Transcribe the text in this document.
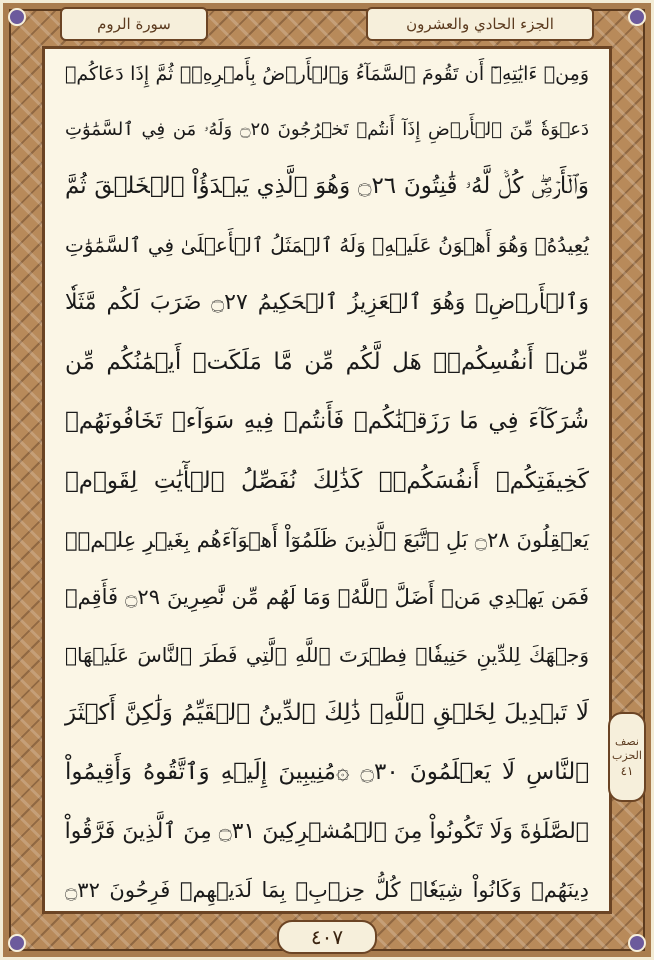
الجزء الحادي والعشرون
سورة الروم
وَمِنۡ ءَايَٰتِهِۦٓ أَن تَقُومَ ٱلسَّمَآءُ وَٱلۡأَرۡضُ بِأَمۡرِهِۦۚ ثُمَّ إِذَا دَعَاكُمۡ
دَعۡوَةٗ مِّنَ ٱلۡأَرۡضِ إِذَآ أَنتُمۡ تَخۡرُجُونَ ۝٢٥ وَلَهُۥ مَن فِي ٱلسَّمَٰوَٰتِ
وَٱلۡأَرۡضِۖ كُلّٞ لَّهُۥ قَٰنِتُونَ ۝٢٦ وَهُوَ ٱلَّذِي يَبۡدَؤُاْ ٱلۡخَلۡقَ ثُمَّ
يُعِيدُهُۥ وَهُوَ أَهۡوَنُ عَلَيۡهِۚ وَلَهُ ٱلۡمَثَلُ ٱلۡأَعۡلَىٰ فِي ٱلسَّمَٰوَٰتِ
وَٱلۡأَرۡضِۚ وَهُوَ ٱلۡعَزِيزُ ٱلۡحَكِيمُ ۝٢٧ ضَرَبَ لَكُم مَّثَلٗا
مِّنۡ أَنفُسِكُمۡۖ هَل لَّكُم مِّن مَّا مَلَكَتۡ أَيۡمَٰنُكُم مِّن
شُرَكَآءَ فِي مَا رَزَقۡنَٰكُمۡ فَأَنتُمۡ فِيهِ سَوَآءٞ تَخَافُونَهُمۡ
كَخِيفَتِكُمۡ أَنفُسَكُمۡۚ كَذَٰلِكَ نُفَصِّلُ ٱلۡأٓيَٰتِ لِقَوۡمٖ
يَعۡقِلُونَ ۝٢٨ بَلِ ٱتَّبَعَ ٱلَّذِينَ ظَلَمُوٓاْ أَهۡوَآءَهُم بِغَيۡرِ عِلۡمٖۖ
فَمَن يَهۡدِي مَنۡ أَضَلَّ ٱللَّهُۖ وَمَا لَهُم مِّن نَّٰصِرِينَ ۝٢٩ فَأَقِمۡ
وَجۡهَكَ لِلدِّينِ حَنِيفٗاۚ فِطۡرَتَ ٱللَّهِ ٱلَّتِي فَطَرَ ٱلنَّاسَ عَلَيۡهَاۚ
لَا تَبۡدِيلَ لِخَلۡقِ ٱللَّهِۚ ذَٰلِكَ ٱلدِّينُ ٱلۡقَيِّمُ وَلَٰكِنَّ أَكۡثَرَ
ٱلنَّاسِ لَا يَعۡلَمُونَ ۝٣٠ ۞مُنِيبِينَ إِلَيۡهِ وَٱتَّقُوهُ وَأَقِيمُواْ
ٱلصَّلَوٰةَ وَلَا تَكُونُواْ مِنَ ٱلۡمُشۡرِكِينَ ۝٣١ مِنَ ٱلَّذِينَ فَرَّقُواْ
دِينَهُمۡ وَكَانُواْ شِيَعٗاۖ كُلُّ حِزۡبِۭ بِمَا لَدَيۡهِمۡ فَرِحُونَ ۝٣٢
نصف
الحزب
٤١
٤٠٧
